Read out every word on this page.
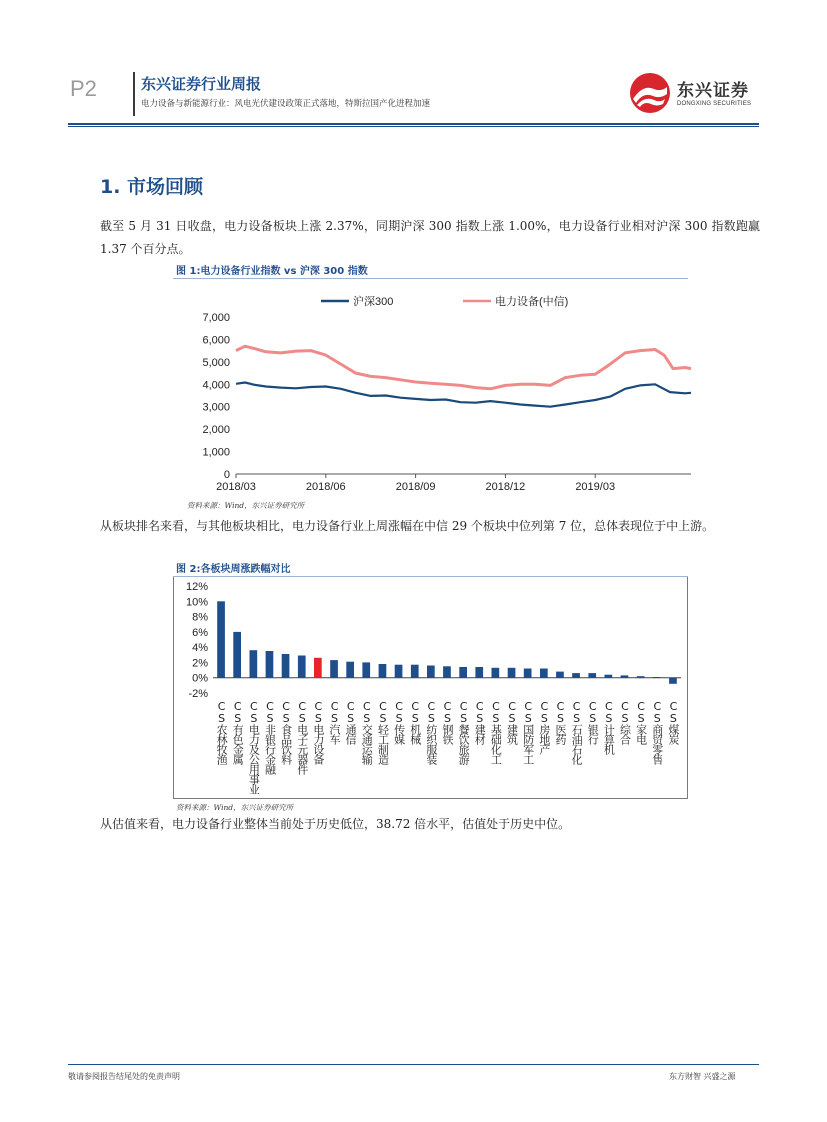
P2	东兴证券行业周报
电力设备与新能源行业：风电光伏建设政策正式落地，特斯拉国产化进程加速
东兴证券
DONGXING SECURITIES
1. 市场回顾
截至 5 月 31 日收盘，电力设备板块上涨 2.37%，同期沪深 300 指数上涨 1.00%，电力设备行业相对沪深 300 指数跑赢 1.37 个百分点。
图 1:电力设备行业指数 vs 沪深 300 指数
沪深300	电力设备(中信)
0
1,000
2,000
3,000
4,000
5,000
6,000
7,000
2018/03	2018/06	2018/09	2018/12	2019/03
资料来源：Wind，东兴证券研究所
从板块排名来看，与其他板块相比，电力设备行业上周涨幅在中信 29 个板块中位列第 7 位，总体表现位于中上游。
图 2:各板块周涨跌幅对比
-2%
0%
2%
4%
6%
8%
10%
12%
CS农林牧渔 CS有色金属 CS电力及公用事业 CS非银行金融 CS食品饮料 CS电子元器件 CS电力设备 CS汽车 CS通信 CS交通运输 CS轻工制造 CS传媒 CS机械 CS纺织服装 CS钢铁 CS餐饮旅游 CS建材 CS基础化工 CS建筑 CS国防军工 CS房地产 CS医药 CS石油石化 CS银行 CS计算机 CS综合 CS家电 CS商贸零售 CS煤炭
资料来源：Wind，东兴证券研究所
从估值来看，电力设备行业整体当前处于历史低位，38.72 倍水平，估值处于历史中位。
敬请参阅报告结尾处的免责声明	东方财智 兴盛之源
